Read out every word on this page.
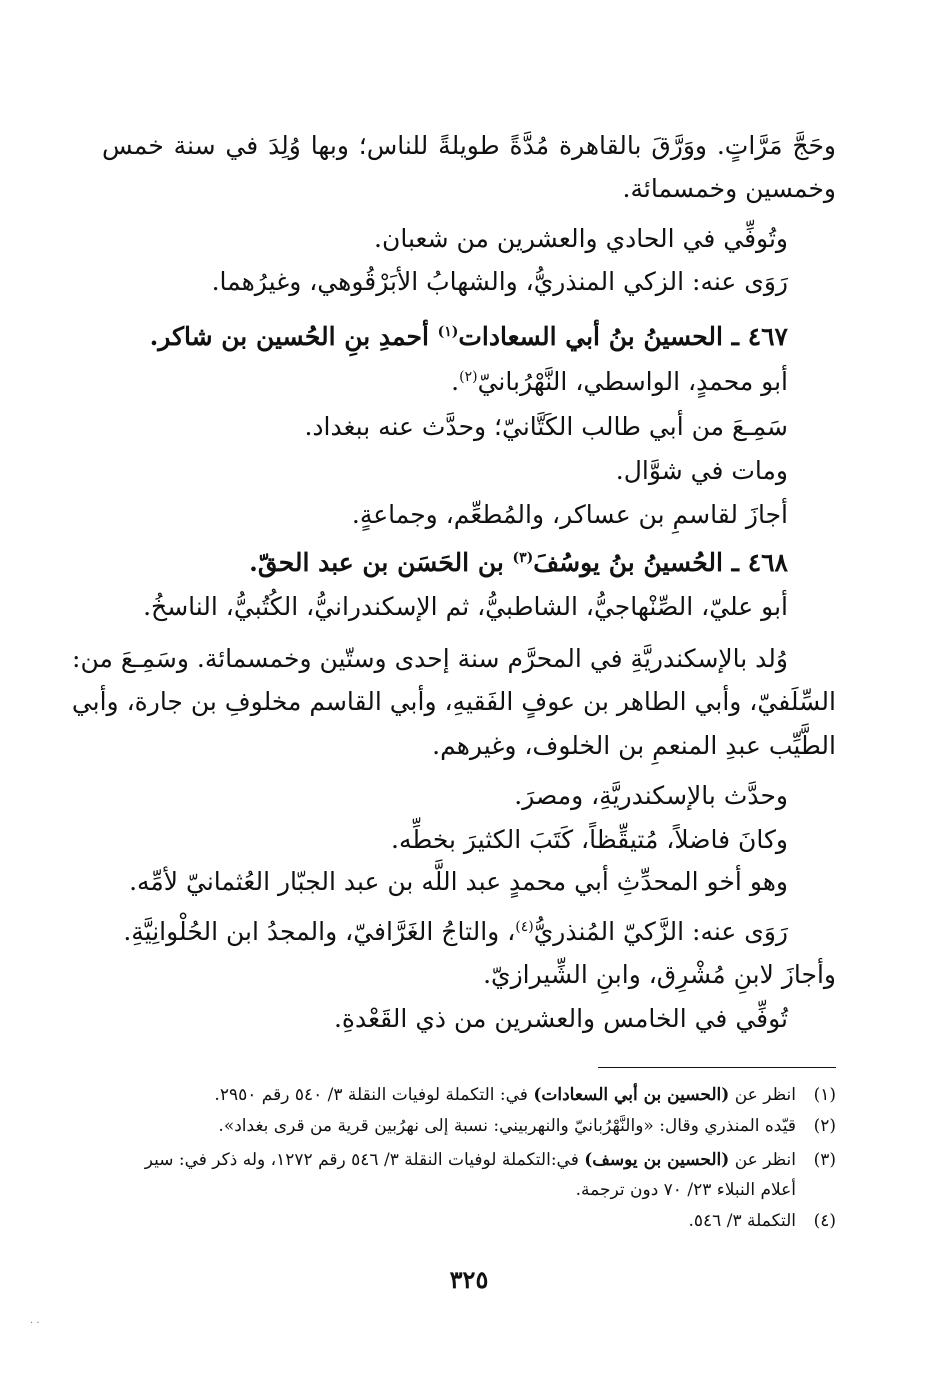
وحَجَّ مَرَّاتٍ. ووَرَّقَ بالقاهرة مُدَّةً طويلةً للناس؛ وبها وُلِدَ في سنة خمس
وخمسين وخمسمائة.
وتُوفِّي في الحادي والعشرين من شعبان.
رَوَى عنه: الزكي المنذريُّ، والشهابُ الأبَرْقُوهي، وغيرُهما.
٤٦٧ ـ الحسينُ بنُ أبي السعادات$^{(١)}$ أحمدِ بنِ الحُسين بن شاكر.
أبو محمدٍ، الواسطي، النَّهْرُبانيّ$^{(٢)}$.
سَمِـعَ من أبي طالب الكَتَّانيّ؛ وحدَّث عنه ببغداد.
ومات في شوَّال.
أجازَ لقاسمِ بن عساكر، والمُطعِّم، وجماعةٍ.
٤٦٨ ـ الحُسينُ بنُ يوسُفَ$^{(٣)}$ بن الحَسَن بن عبد الحقّ.
أبو عليّ، الصِّنْهاجيُّ، الشاطبيُّ، ثم الإسكندرانيُّ، الكُتُبيُّ، الناسخُ.
وُلد بالإسكندريَّةِ في المحرَّم سنة إحدى وستّين وخمسمائة. وسَمِـعَ من:
السِّلَفيّ، وأبي الطاهر بن عوفٍ الفَقيهِ، وأبي القاسم مخلوفِ بن جارة، وأبي
الطَّيِّب عبدِ المنعمِ بن الخلوف، وغيرهم.
وحدَّث بالإسكندريَّةِ، ومصرَ.
وكانَ فاضلاً، مُتيقِّظاً، كَتَبَ الكثيرَ بخطِّه.
وهو أخو المحدِّثِ أبي محمدٍ عبد اللَّه بن عبد الجبّار العُثمانيّ لأمِّه.
رَوَى عنه: الزَّكيّ المُنذريُّ$^{(٤)}$، والتاجُ الغَرَّافيّ، والمجدُ ابن الحُلْوانِيَّةِ.
وأجازَ لابنِ مُشْرِق، وابنِ الشِّيرازيّ.
تُوفِّي في الخامس والعشرين من ذي القَعْدةِ.
(١)انظر عن (الحسين بن أبي السعادات) في: التكملة لوفيات النقلة ٣/ ٥٤٠ رقم ٢٩٥٠.
(٢)قيّده المنذري وقال: «والنَّهْرُبانيّ والنهربيني: نسبة إلى نهرُبين قرية من قرى بغداد».
(٣)انظر عن (الحسين بن يوسف) في:التكملة لوفيات النقلة ٣/ ٥٤٦ رقم ١٢٧٢، وله ذكر في: سير
أعلام النبلاء ٢٣/ ٧٠ دون ترجمة.
(٤)التكملة ٣/ ٥٤٦.
٣٢٥
· ·
